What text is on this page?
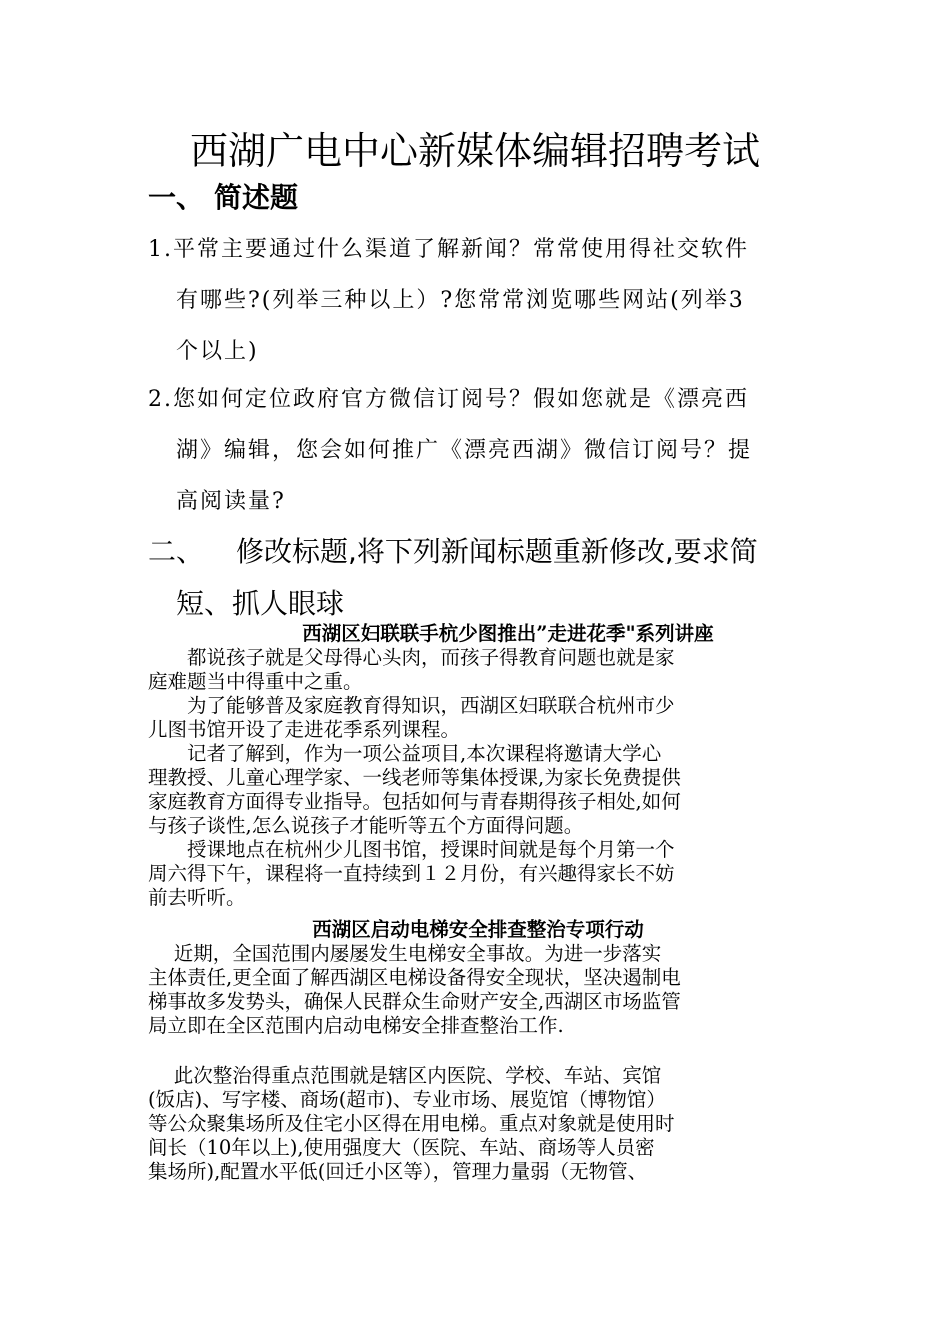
西湖广电中心新媒体编辑招聘考试
一、 简述题
1.平常主要通过什么渠道了解新闻？常常使用得社交软件
有哪些?(列举三种以上）?您常常浏览哪些网站(列举3
个以上)
2.您如何定位政府官方微信订阅号？假如您就是《漂亮西
湖》编辑，您会如何推广《漂亮西湖》微信订阅号？提
高阅读量?
二、 修改标题,将下列新闻标题重新修改,要求简
短、抓人眼球
西湖区妇联联手杭少图推出”走进花季"系列讲座
　　都说孩子就是父母得心头肉，而孩子得教育问题也就是家
庭难题当中得重中之重。
　　为了能够普及家庭教育得知识，西湖区妇联联合杭州市少
儿图书馆开设了走进花季系列课程。
　　记者了解到，作为一项公益项目,本次课程将邀请大学心
理教授、儿童心理学家、一线老师等集体授课,为家长免费提供
家庭教育方面得专业指导。包括如何与青春期得孩子相处,如何
与孩子谈性,怎么说孩子才能听等五个方面得问题。
　　授课地点在杭州少儿图书馆，授课时间就是每个月第一个
周六得下午，课程将一直持续到１２月份，有兴趣得家长不妨
前去听听。
西湖区启动电梯安全排查整治专项行动
　 近期，全国范围内屡屡发生电梯安全事故。为进一步落实
主体责任,更全面了解西湖区电梯设备得安全现状，坚决遏制电
梯事故多发势头，确保人民群众生命财产安全,西湖区市场监管
局立即在全区范围内启动电梯安全排查整治工作.
　 此次整治得重点范围就是辖区内医院、学校、车站、宾馆
(饭店)、写字楼、商场(超市)、专业市场、展览馆（博物馆）
等公众聚集场所及住宅小区得在用电梯。重点对象就是使用时
间长（10年以上),使用强度大（医院、车站、商场等人员密
集场所),配置水平低(回迁小区等），管理力量弱（无物管、
